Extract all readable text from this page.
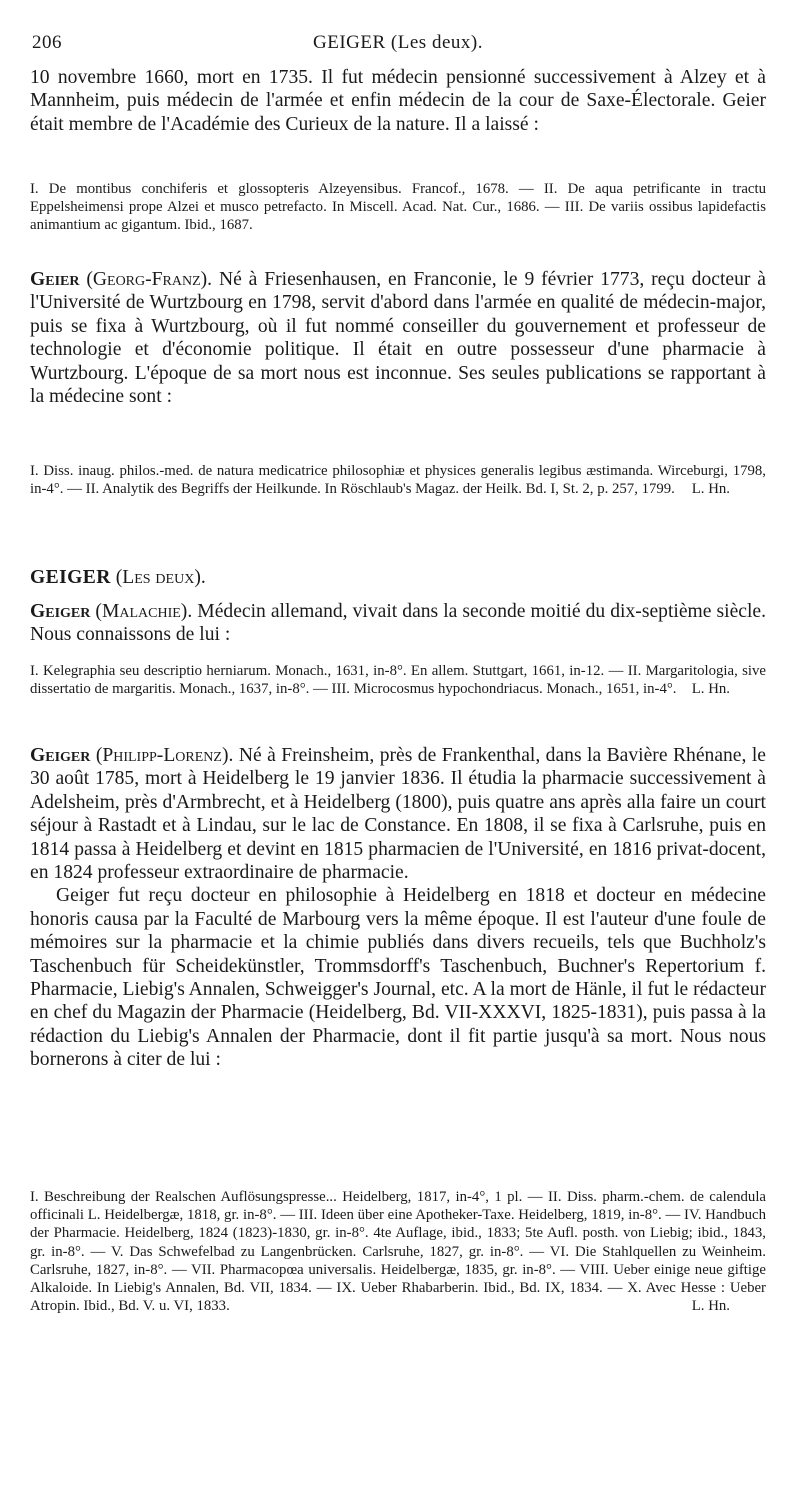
206	GEIGER (Les deux).

10 novembre 1660, mort en 1735. Il fut médecin pensionné successivement à Alzey et à Mannheim, puis médecin de l'armée et enfin médecin de la cour de Saxe-Électorale. Geier était membre de l'Académie des Curieux de la nature. Il a laissé :

I. De montibus conchiferis et glossopteris Alzeyensibus. Francof., 1678. — II. De aqua petrificante in tractu Eppelsheimensi prope Alzei et musco petrefacto. In Miscell. Acad. Nat. Cur., 1686. — III. De variis ossibus lapidefactis animantium ac gigantum. Ibid., 1687.

Geier (Georg-Franz). Né à Friesenhausen, en Franconie, le 9 février 1773, reçu docteur à l'Université de Wurtzbourg en 1798, servit d'abord dans l'armée en qualité de médecin-major, puis se fixa à Wurtzbourg, où il fut nommé conseiller du gouvernement et professeur de technologie et d'économie politique. Il était en outre possesseur d'une pharmacie à Wurtzbourg. L'époque de sa mort nous est inconnue. Ses seules publications se rapportant à la médecine sont :

I. Diss. inaug. philos.-med. de natura medicatrice philosophiæ et physices generalis legibus æstimanda. Wirceburgi, 1798, in-4°. — II. Analytik des Begriffs der Heilkunde. In Röschlaub's Magaz. der Heilk. Bd. I, St. 2, p. 257, 1799. L. Hn.

GEIGER (Les deux).

Geiger (Malachie). Médecin allemand, vivait dans la seconde moitié du dix-septième siècle. Nous connaissons de lui :

I. Kelegraphia seu descriptio herniarum. Monach., 1631, in-8°. En allem. Stuttgart, 1661, in-12. — II. Margaritologia, sive dissertatio de margaritis. Monach., 1637, in-8°. — III. Microcosmus hypochondriacus. Monach., 1651, in-4°. L. Hn.

Geiger (Philipp-Lorenz). Né à Freinsheim, près de Frankenthal, dans la Bavière Rhénane, le 30 août 1785, mort à Heidelberg le 19 janvier 1836. Il étudia la pharmacie successivement à Adelsheim, près d'Armbrecht, et à Heidelberg (1800), puis quatre ans après alla faire un court séjour à Rastadt et à Lindau, sur le lac de Constance. En 1808, il se fixa à Carlsruhe, puis en 1814 passa à Heidelberg et devint en 1815 pharmacien de l'Université, en 1816 privat-docent, en 1824 professeur extraordinaire de pharmacie.

Geiger fut reçu docteur en philosophie à Heidelberg en 1818 et docteur en médecine honoris causa par la Faculté de Marbourg vers la même époque. Il est l'auteur d'une foule de mémoires sur la pharmacie et la chimie publiés dans divers recueils, tels que Buchholz's Taschenbuch für Scheidekünstler, Trommsdorff's Taschenbuch, Buchner's Repertorium f. Pharmacie, Liebig's Annalen, Schweigger's Journal, etc. A la mort de Hänle, il fut le rédacteur en chef du Magazin der Pharmacie (Heidelberg, Bd. VII-XXXVI, 1825-1831), puis passa à la rédaction du Liebig's Annalen der Pharmacie, dont il fit partie jusqu'à sa mort. Nous nous bornerons à citer de lui :

I. Beschreibung der Realschen Auflösungspresse... Heidelberg, 1817, in-4°, 1 pl. — II. Diss. pharm.-chem. de calendula officinali L. Heidelbergæ, 1818, gr. in-8°. — III. Ideen über eine Apotheker-Taxe. Heidelberg, 1819, in-8°. — IV. Handbuch der Pharmacie. Heidelberg, 1824 (1823)-1830, gr. in-8°. 4te Auflage, ibid., 1833; 5te Aufl. posth. von Liebig; ibid., 1843, gr. in-8°. — V. Das Schwefelbad zu Langenbrücken. Carlsruhe, 1827, gr. in-8°. — VI. Die Stahlquellen zu Weinheim. Carlsruhe, 1827, in-8°. — VII. Pharmacopœa universalis. Heidelbergæ, 1835, gr. in-8°. — VIII. Ueber einige neue giftige Alkaloide. In Liebig's Annalen, Bd. VII, 1834. — IX. Ueber Rhabarberin. Ibid., Bd. IX, 1834. — X. Avec Hesse : Ueber Atropin. Ibid., Bd. V. u. VI, 1833.	L. Hn.
